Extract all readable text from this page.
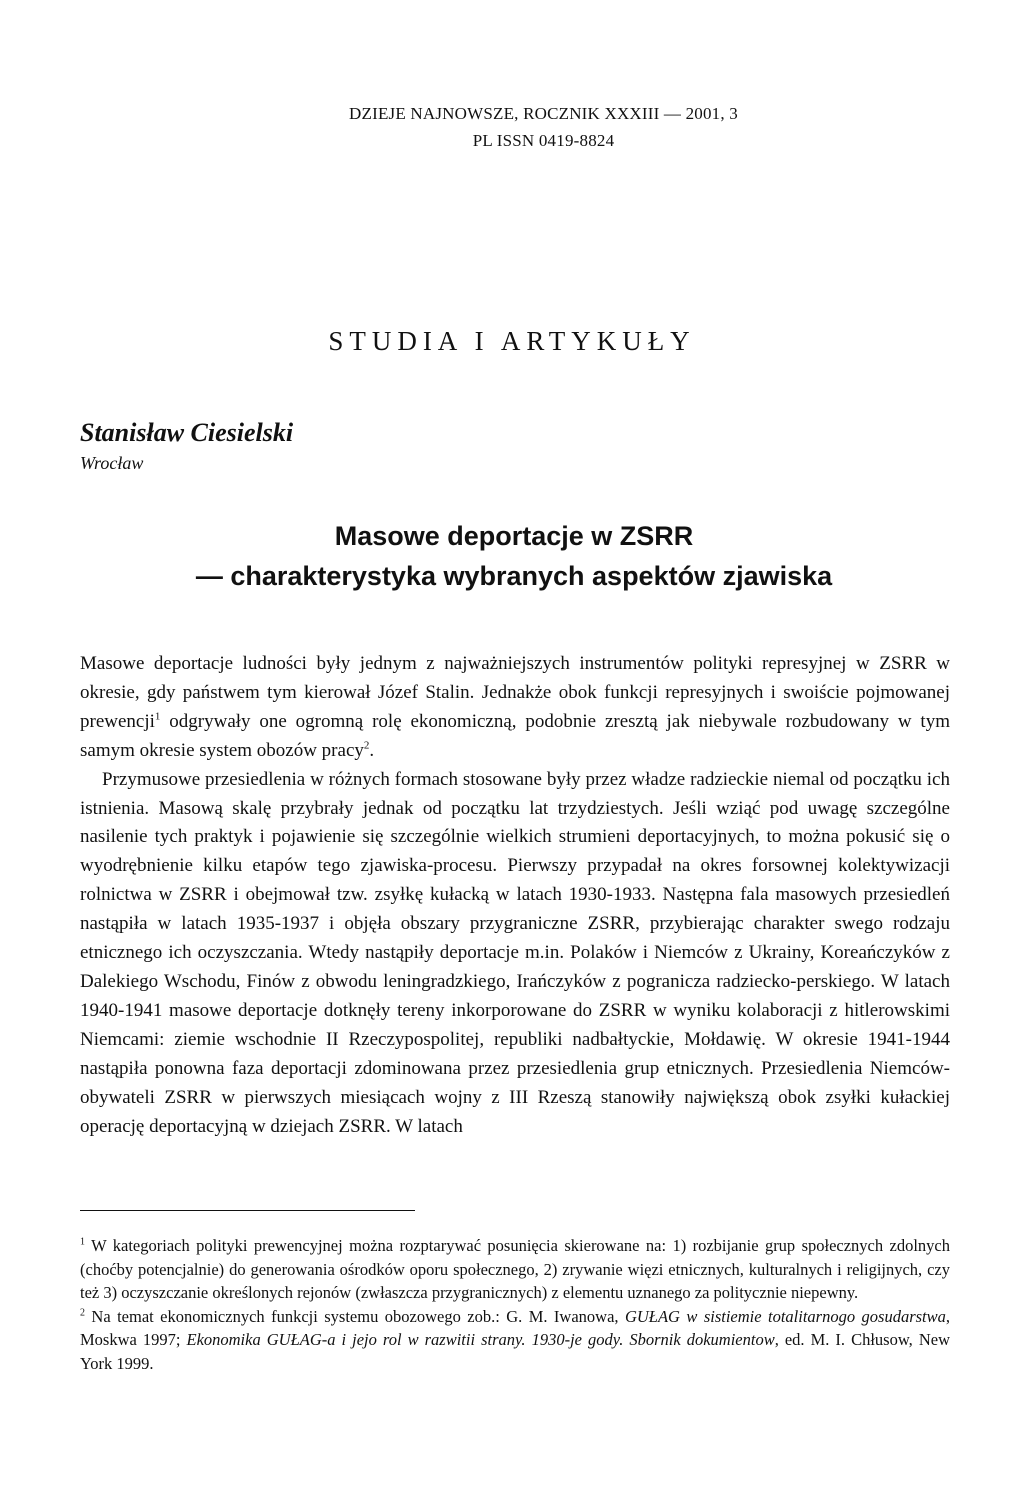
DZIEJE NAJNOWSZE, ROCZNIK XXXIII — 2001, 3
PL ISSN 0419-8824
STUDIA I ARTYKUŁY
Stanisław Ciesielski
Wrocław
Masowe deportacje w ZSRR
— charakterystyka wybranych aspektów zjawiska

Masowe deportacje ludności były jednym z najważniejszych instrumentów polityki represyjnej w ZSRR w okresie, gdy państwem tym kierował Józef Stalin. Jednakże obok funkcji represyjnych i swoiście pojmowanej prewencji$^1$ odgrywały one ogromną rolę ekonomiczną, podobnie zresztą jak niebywale rozbudowany w tym samym okresie system obozów pracy$^2$.

Przymusowe przesiedlenia w różnych formach stosowane były przez władze radzieckie niemal od początku ich istnienia. Masową skalę przybrały jednak od początku lat trzydziestych. Jeśli wziąć pod uwagę szczególne nasilenie tych praktyk i pojawienie się szczególnie wielkich strumieni deportacyjnych, to można pokusić się o wyodrębnienie kilku etapów tego zjawiska-procesu. Pierwszy przypadał na okres forsownej kolektywizacji rolnictwa w ZSRR i obejmował tzw. zsyłkę kułacką w latach 1930-1933. Następna fala masowych przesiedleń nastąpiła w latach 1935-1937 i objęła obszary przygraniczne ZSRR, przybierając charakter swego rodzaju etnicznego ich oczyszczania. Wtedy nastąpiły deportacje m.in. Polaków i Niemców z Ukrainy, Koreańczyków z Dalekiego Wschodu, Finów z obwodu leningradzkiego, Irańczyków z pogranicza radziecko-perskiego. W latach 1940-1941 masowe deportacje dotknęły tereny inkorporowane do ZSRR w wyniku kolaboracji z hitlerowskimi Niemcami: ziemie wschodnie II Rzeczypospolitej, republiki nadbałtyckie, Mołdawię. W okresie 1941-1944 nastąpiła ponowna faza deportacji zdominowana przez przesiedlenia grup etnicznych. Przesiedlenia Niemców-obywateli ZSRR w pierwszych miesiącach wojny z III Rzeszą stanowiły największą obok zsyłki kułackiej operację deportacyjną w dziejach ZSRR. W latach

$^1$ W kategoriach polityki prewencyjnej można rozptarywać posunięcia skierowane na: 1) rozbijanie grup społecznych zdolnych (choćby potencjalnie) do generowania ośrodków oporu społecznego, 2) zrywanie więzi etnicznych, kulturalnych i religijnych, czy też 3) oczyszczanie określonych rejonów (zwłaszcza przygranicznych) z elementu uznanego za politycznie niepewny.

$^2$ Na temat ekonomicznych funkcji systemu obozowego zob.: G. M. Iwanowa, GUŁAG w sistiemie totalitarnogo gosudarstwa, Moskwa 1997; Ekonomika GUŁAG-a i jejo rol w razwitii strany. 1930-je gody. Sbornik dokumientow, ed. M. I. Chłusow, New York 1999.
